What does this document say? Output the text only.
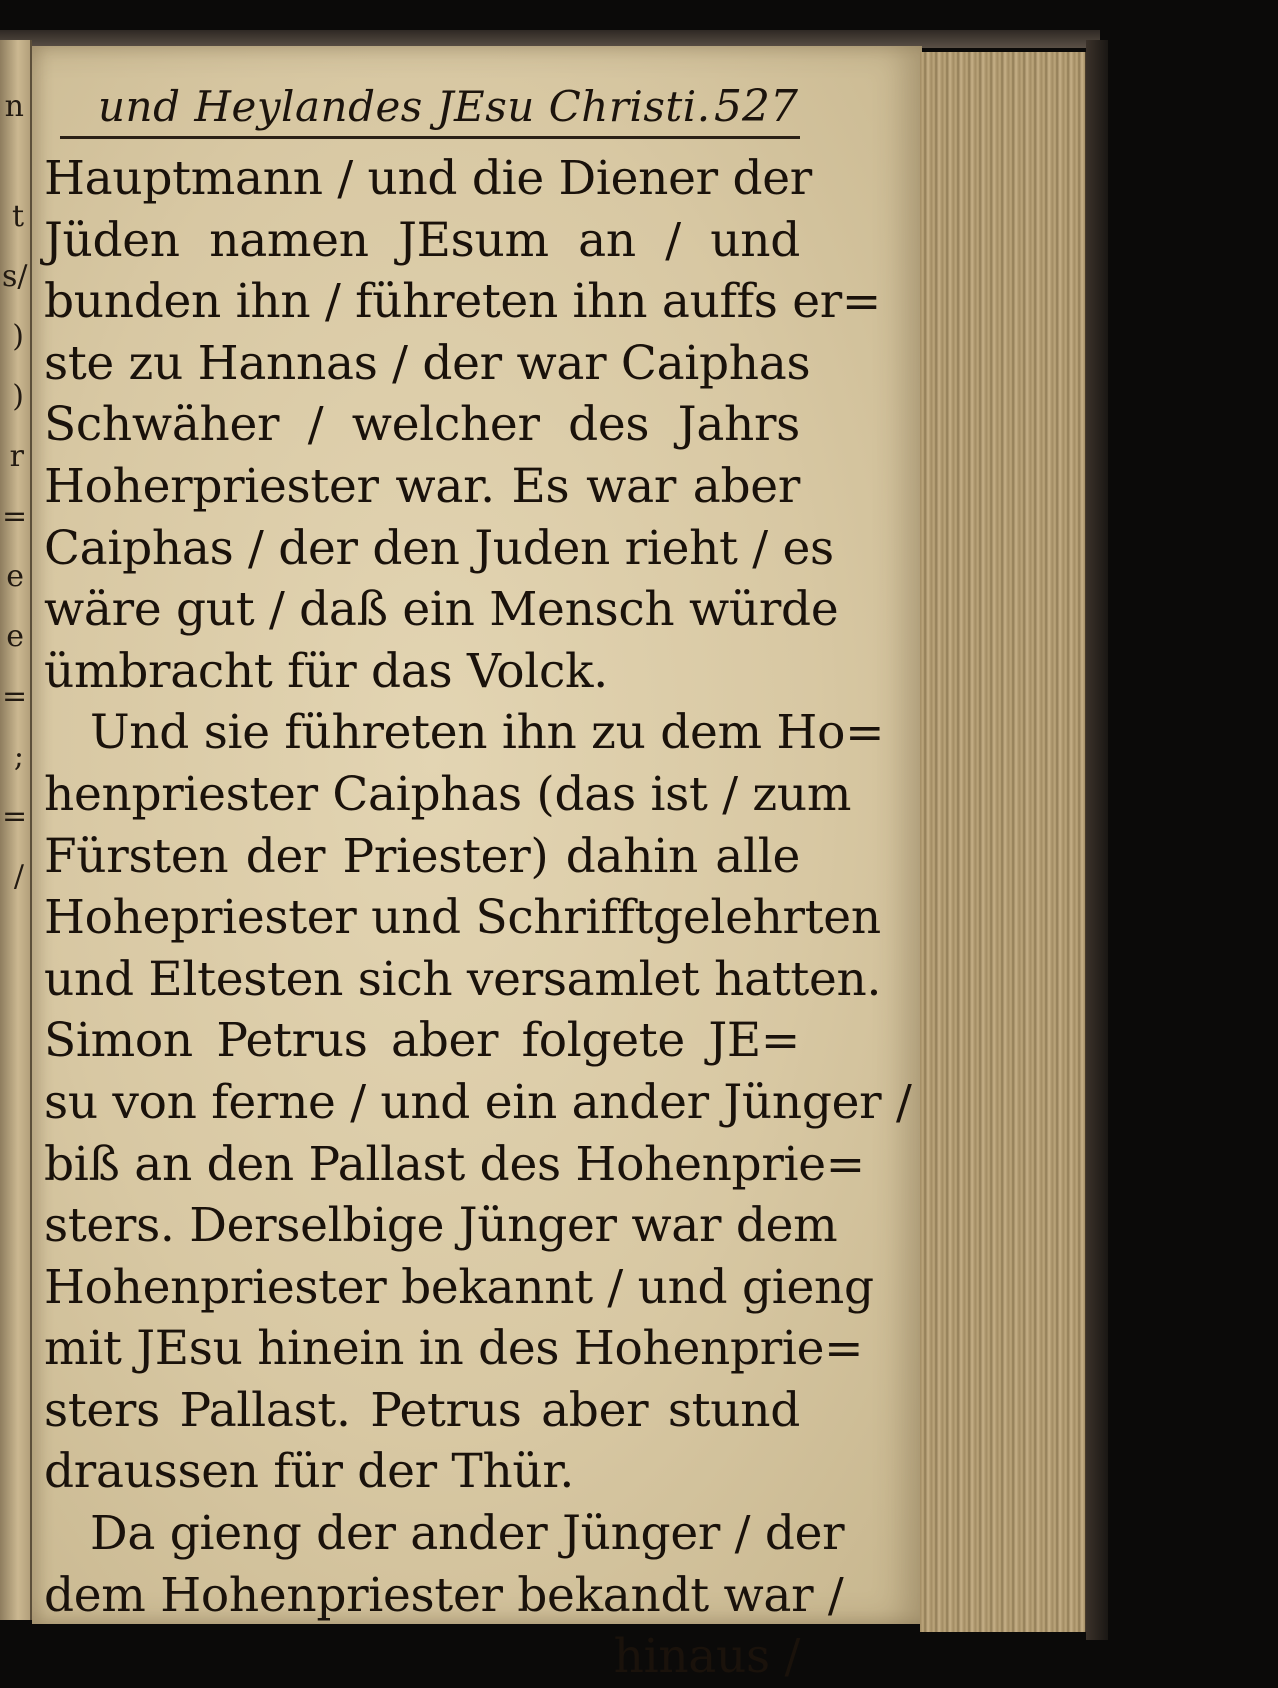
n
t
s/
)
)
r
=
e
e
=
;
=
/
und Heylandes JEsu Christi. 527
Hauptmann / und die Diener der
Jüden namen JEsum an / und
bunden ihn / führeten ihn auffs er=
ste zu Hannas / der war Caiphas
Schwäher / welcher des Jahrs
Hoherpriester war. Es war aber
Caiphas / der den Juden rieht / es
wäre gut / daß ein Mensch würde
ümbracht für das Volck.
Und sie führeten ihn zu dem Ho=
henpriester Caiphas (das ist / zum
Fürsten der Priester) dahin alle
Hohepriester und Schrifftgelehrten
und Eltesten sich versamlet hatten.
Simon Petrus aber folgete JE=
su von ferne / und ein ander Jünger /
biß an den Pallast des Hohenprie=
sters. Derselbige Jünger war dem
Hohenpriester bekannt / und gieng
mit JEsu hinein in des Hohenprie=
sters Pallast. Petrus aber stund
draussen für der Thür.
Da gieng der ander Jünger / der
dem Hohenpriester bekandt war /
hinaus /
